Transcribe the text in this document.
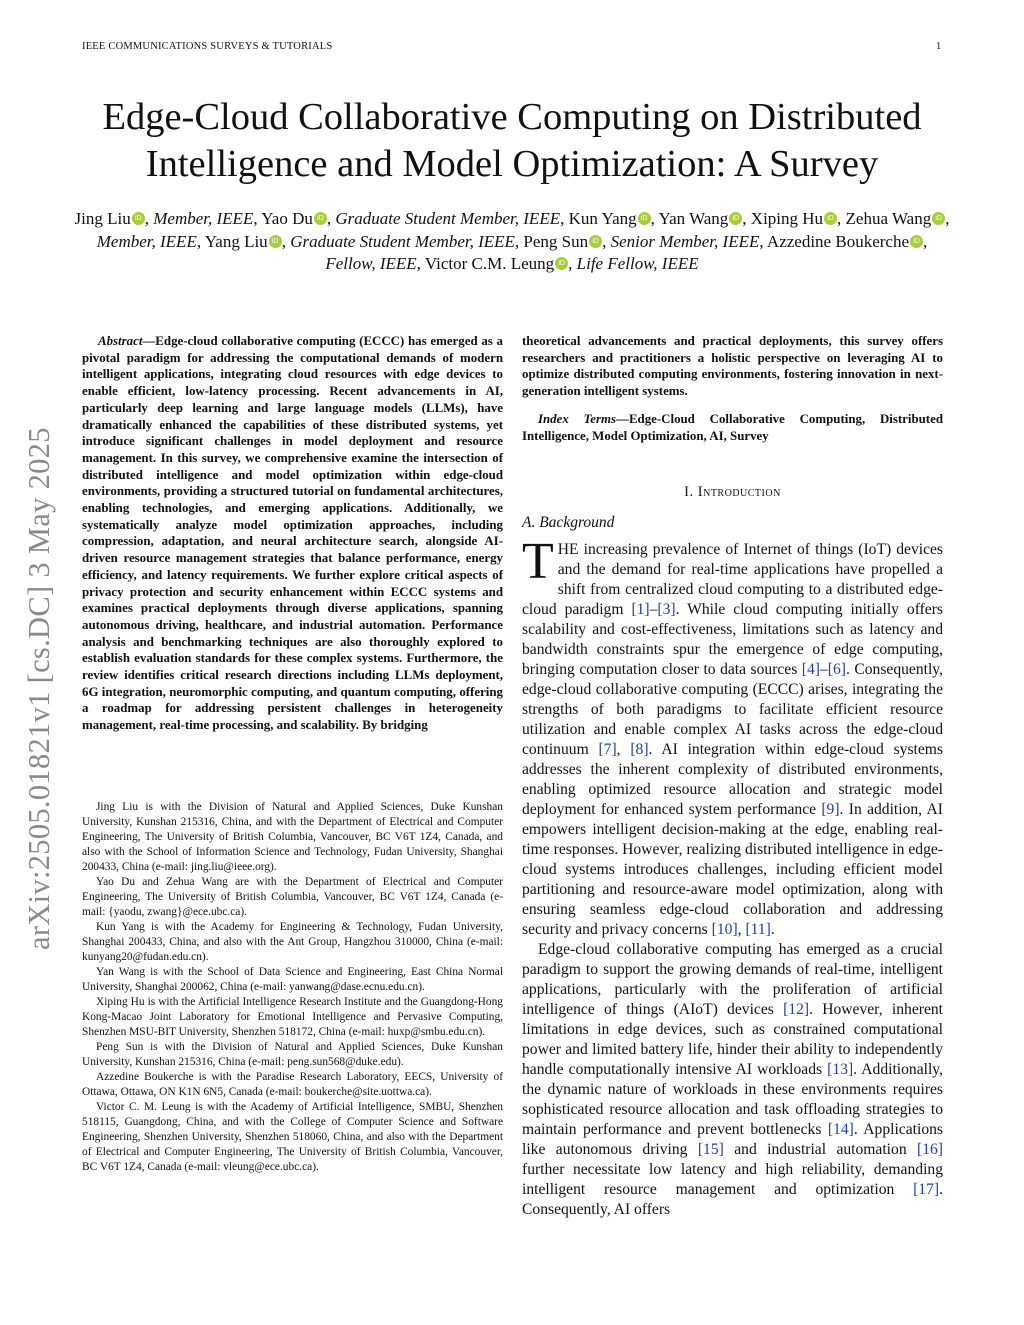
IEEE COMMUNICATIONS SURVEYS & TUTORIALS	1
arXiv:2505.01821v1 [cs.DC] 3 May 2025
Edge-Cloud Collaborative Computing on Distributed Intelligence and Model Optimization: A Survey
Jing Liu iD , Member, IEEE, Yao Du iD , Graduate Student Member, IEEE, Kun Yang iD , Yan Wang iD , Xiping Hu iD , Zehua Wang iD , Member, IEEE, Yang Liu iD , Graduate Student Member, IEEE, Peng Sun iD , Senior Member, IEEE, Azzedine Boukerche iD , Fellow, IEEE, Victor C.M. Leung iD , Life Fellow, IEEE

Abstract—Edge-cloud collaborative computing (ECCC) has emerged as a pivotal paradigm for addressing the computational demands of modern intelligent applications, integrating cloud resources with edge devices to enable efficient, low-latency processing. Recent advancements in AI, particularly deep learning and large language models (LLMs), have dramatically enhanced the capabilities of these distributed systems, yet introduce significant challenges in model deployment and resource management. In this survey, we comprehensive examine the intersection of distributed intelligence and model optimization within edge-cloud environments, providing a structured tutorial on fundamental architectures, enabling technologies, and emerging applications. Additionally, we systematically analyze model optimization approaches, including compression, adaptation, and neural architecture search, alongside AI-driven resource management strategies that balance performance, energy efficiency, and latency requirements. We further explore critical aspects of privacy protection and security enhancement within ECCC systems and examines practical deployments through diverse applications, spanning autonomous driving, healthcare, and industrial automation. Performance analysis and benchmarking techniques are also thoroughly explored to establish evaluation standards for these complex systems. Furthermore, the review identifies critical research directions including LLMs deployment, 6G integration, neuromorphic computing, and quantum computing, offering a roadmap for addressing persistent challenges in heterogeneity management, real-time processing, and scalability. By bridging

Jing Liu is with the Division of Natural and Applied Sciences, Duke Kunshan University, Kunshan 215316, China, and with the Department of Electrical and Computer Engineering, The University of British Columbia, Vancouver, BC V6T 1Z4, Canada, and also with the School of Information Science and Technology, Fudan University, Shanghai 200433, China (e-mail: jing.liu@ieee.org).

Yao Du and Zehua Wang are with the Department of Electrical and Computer Engineering, The University of British Columbia, Vancouver, BC V6T 1Z4, Canada (e-mail: {yaodu, zwang}@ece.ubc.ca).

Kun Yang is with the Academy for Engineering & Technology, Fudan University, Shanghai 200433, China, and also with the Ant Group, Hangzhou 310000, China (e-mail: kunyang20@fudan.edu.cn).

Yan Wang is with the School of Data Science and Engineering, East China Normal University, Shanghai 200062, China (e-mail: yanwang@dase.ecnu.edu.cn).

Xiping Hu is with the Artificial Intelligence Research Institute and the Guangdong-Hong Kong-Macao Joint Laboratory for Emotional Intelligence and Pervasive Computing, Shenzhen MSU-BIT University, Shenzhen 518172, China (e-mail: huxp@smbu.edu.cn).

Peng Sun is with the Division of Natural and Applied Sciences, Duke Kunshan University, Kunshan 215316, China (e-mail: peng.sun568@duke.edu).

Azzedine Boukerche is with the Paradise Research Laboratory, EECS, University of Ottawa, Ottawa, ON K1N 6N5, Canada (e-mail: boukerche@site.uottwa.ca).

Victor C. M. Leung is with the Academy of Artificial Intelligence, SMBU, Shenzhen 518115, Guangdong, China, and with the College of Computer Science and Software Engineering, Shenzhen University, Shenzhen 518060, China, and also with the Department of Electrical and Computer Engineering, The University of British Columbia, Vancouver, BC V6T 1Z4, Canada (e-mail: vleung@ece.ubc.ca).

theoretical advancements and practical deployments, this survey offers researchers and practitioners a holistic perspective on leveraging AI to optimize distributed computing environments, fostering innovation in next-generation intelligent systems.

Index Terms—Edge-Cloud Collaborative Computing, Distributed Intelligence, Model Optimization, AI, Survey

I. Introduction
A. Background

THE increasing prevalence of Internet of things (IoT) devices and the demand for real-time applications have propelled a shift from centralized cloud computing to a distributed edge-cloud paradigm [1]–[3]. While cloud computing initially offers scalability and cost-effectiveness, limitations such as latency and bandwidth constraints spur the emergence of edge computing, bringing computation closer to data sources [4]–[6]. Consequently, edge-cloud collaborative computing (ECCC) arises, integrating the strengths of both paradigms to facilitate efficient resource utilization and enable complex AI tasks across the edge-cloud continuum [7], [8]. AI integration within edge-cloud systems addresses the inherent complexity of distributed environments, enabling optimized resource allocation and strategic model deployment for enhanced system performance [9]. In addition, AI empowers intelligent decision-making at the edge, enabling real-time responses. However, realizing distributed intelligence in edge-cloud systems introduces challenges, including efficient model partitioning and resource-aware model optimization, along with ensuring seamless edge-cloud collaboration and addressing security and privacy concerns [10], [11].

Edge-cloud collaborative computing has emerged as a crucial paradigm to support the growing demands of real-time, intelligent applications, particularly with the proliferation of artificial intelligence of things (AIoT) devices [12]. However, inherent limitations in edge devices, such as constrained computational power and limited battery life, hinder their ability to independently handle computationally intensive AI workloads [13]. Additionally, the dynamic nature of workloads in these environments requires sophisticated resource allocation and task offloading strategies to maintain performance and prevent bottlenecks [14]. Applications like autonomous driving [15] and industrial automation [16] further necessitate low latency and high reliability, demanding intelligent resource management and optimization [17]. Consequently, AI offers
